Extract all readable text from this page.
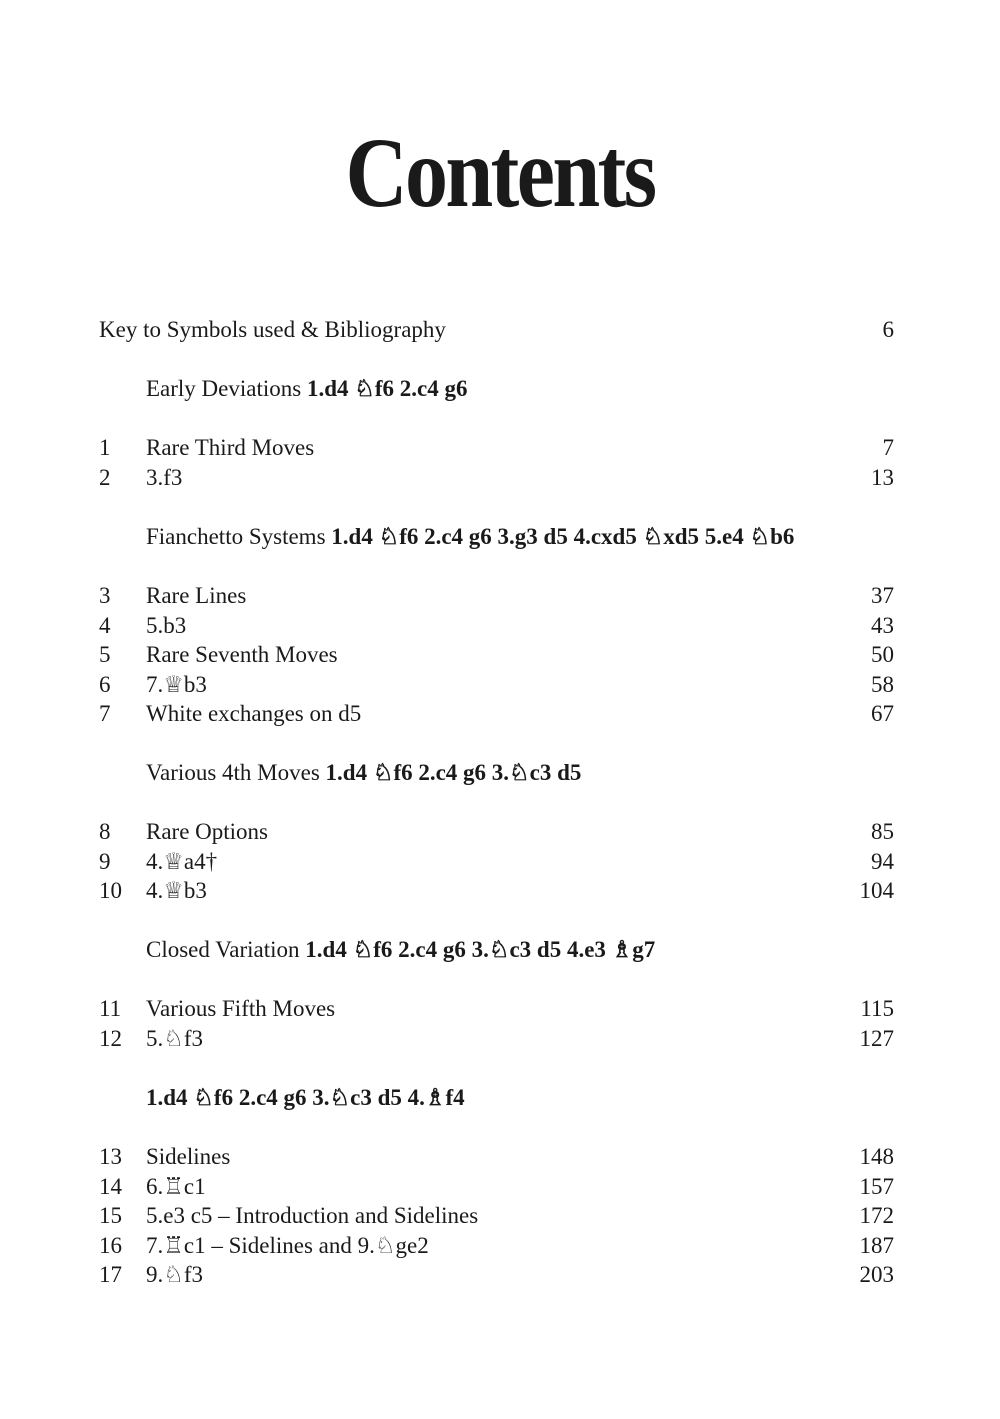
Contents
Key to Symbols used & Bibliography	6
Early Deviations 1.d4 ♘f6 2.c4 g6
1 Rare Third Moves	7
2 3.f3	13
Fianchetto Systems 1.d4 ♘f6 2.c4 g6 3.g3 d5 4.cxd5 ♘xd5 5.e4 ♘b6
3 Rare Lines	37
4 5.b3	43
5 Rare Seventh Moves	50
6 7.♕b3	58
7 White exchanges on d5	67
Various 4th Moves 1.d4 ♘f6 2.c4 g6 3.♘c3 d5
8 Rare Options	85
9 4.♕a4†	94
10 4.♕b3	104
Closed Variation 1.d4 ♘f6 2.c4 g6 3.♘c3 d5 4.e3 ♗g7
11 Various Fifth Moves	115
12 5.♘f3	127
1.d4 ♘f6 2.c4 g6 3.♘c3 d5 4.♗f4
13 Sidelines	148
14 6.♖c1	157
15 5.e3 c5 – Introduction and Sidelines	172
16 7.♖c1 – Sidelines and 9.♘ge2	187
17 9.♘f3	203
